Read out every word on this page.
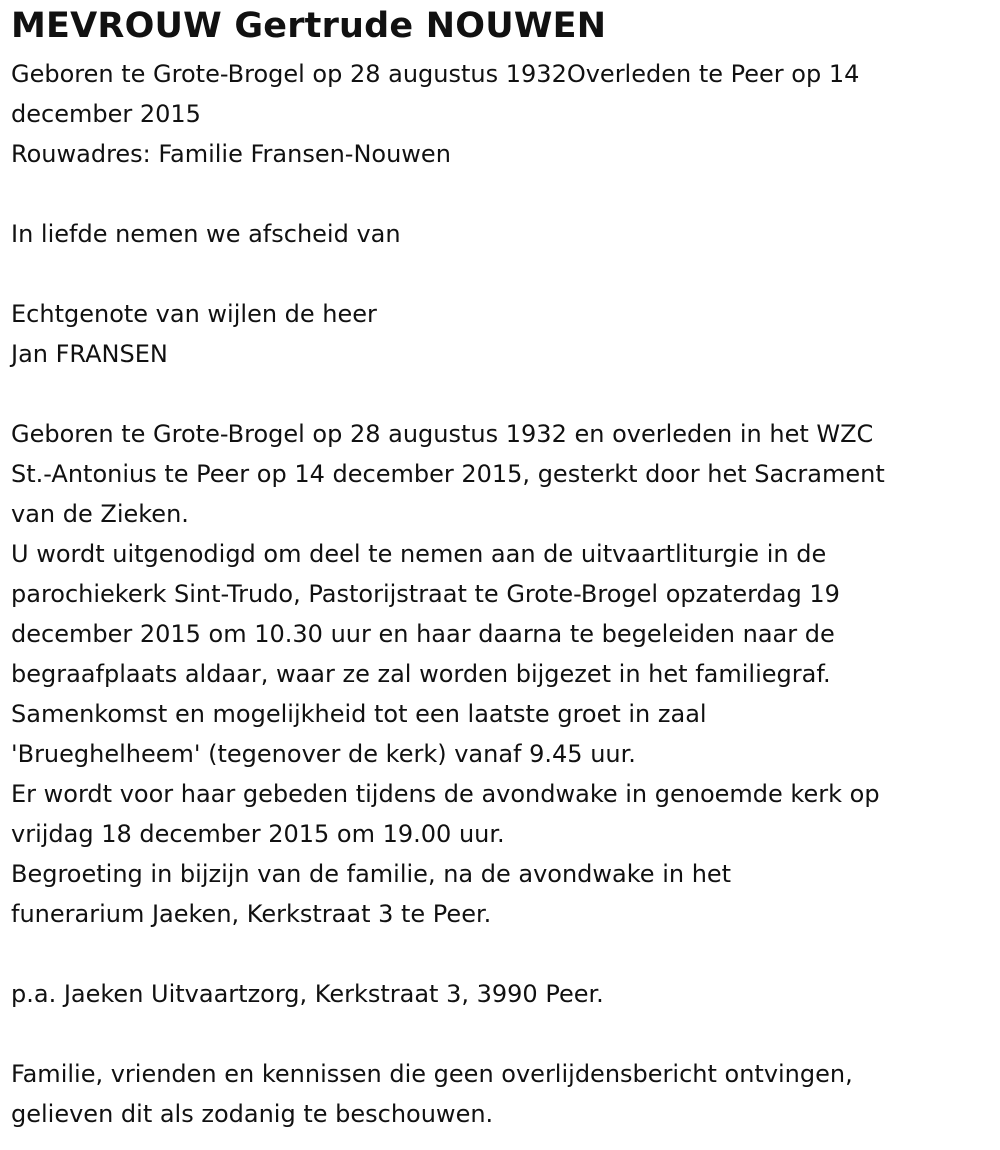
MEVROUW Gertrude NOUWEN
Geboren te Grote-Brogel op 28 augustus 1932Overleden te Peer op 14
december 2015
Rouwadres: Familie Fransen-Nouwen
In liefde nemen we afscheid van
Echtgenote van wijlen de heer
Jan FRANSEN
Geboren te Grote-Brogel op 28 augustus 1932 en overleden in het WZC
St.-Antonius te Peer op 14 december 2015, gesterkt door het Sacrament
van de Zieken.
U wordt uitgenodigd om deel te nemen aan de uitvaartliturgie in de
parochiekerk Sint-Trudo, Pastorijstraat te Grote-Brogel opzaterdag 19
december 2015 om 10.30 uur en haar daarna te begeleiden naar de
begraafplaats aldaar, waar ze zal worden bijgezet in het familiegraf.
Samenkomst en mogelijkheid tot een laatste groet in zaal
'Brueghelheem' (tegenover de kerk) vanaf 9.45 uur.
Er wordt voor haar gebeden tijdens de avondwake in genoemde kerk op
vrijdag 18 december 2015 om 19.00 uur.
Begroeting in bijzijn van de familie, na de avondwake in het
funerarium Jaeken, Kerkstraat 3 te Peer.
p.a. Jaeken Uitvaartzorg, Kerkstraat 3, 3990 Peer.
Familie, vrienden en kennissen die geen overlijdensbericht ontvingen,
gelieven dit als zodanig te beschouwen.
